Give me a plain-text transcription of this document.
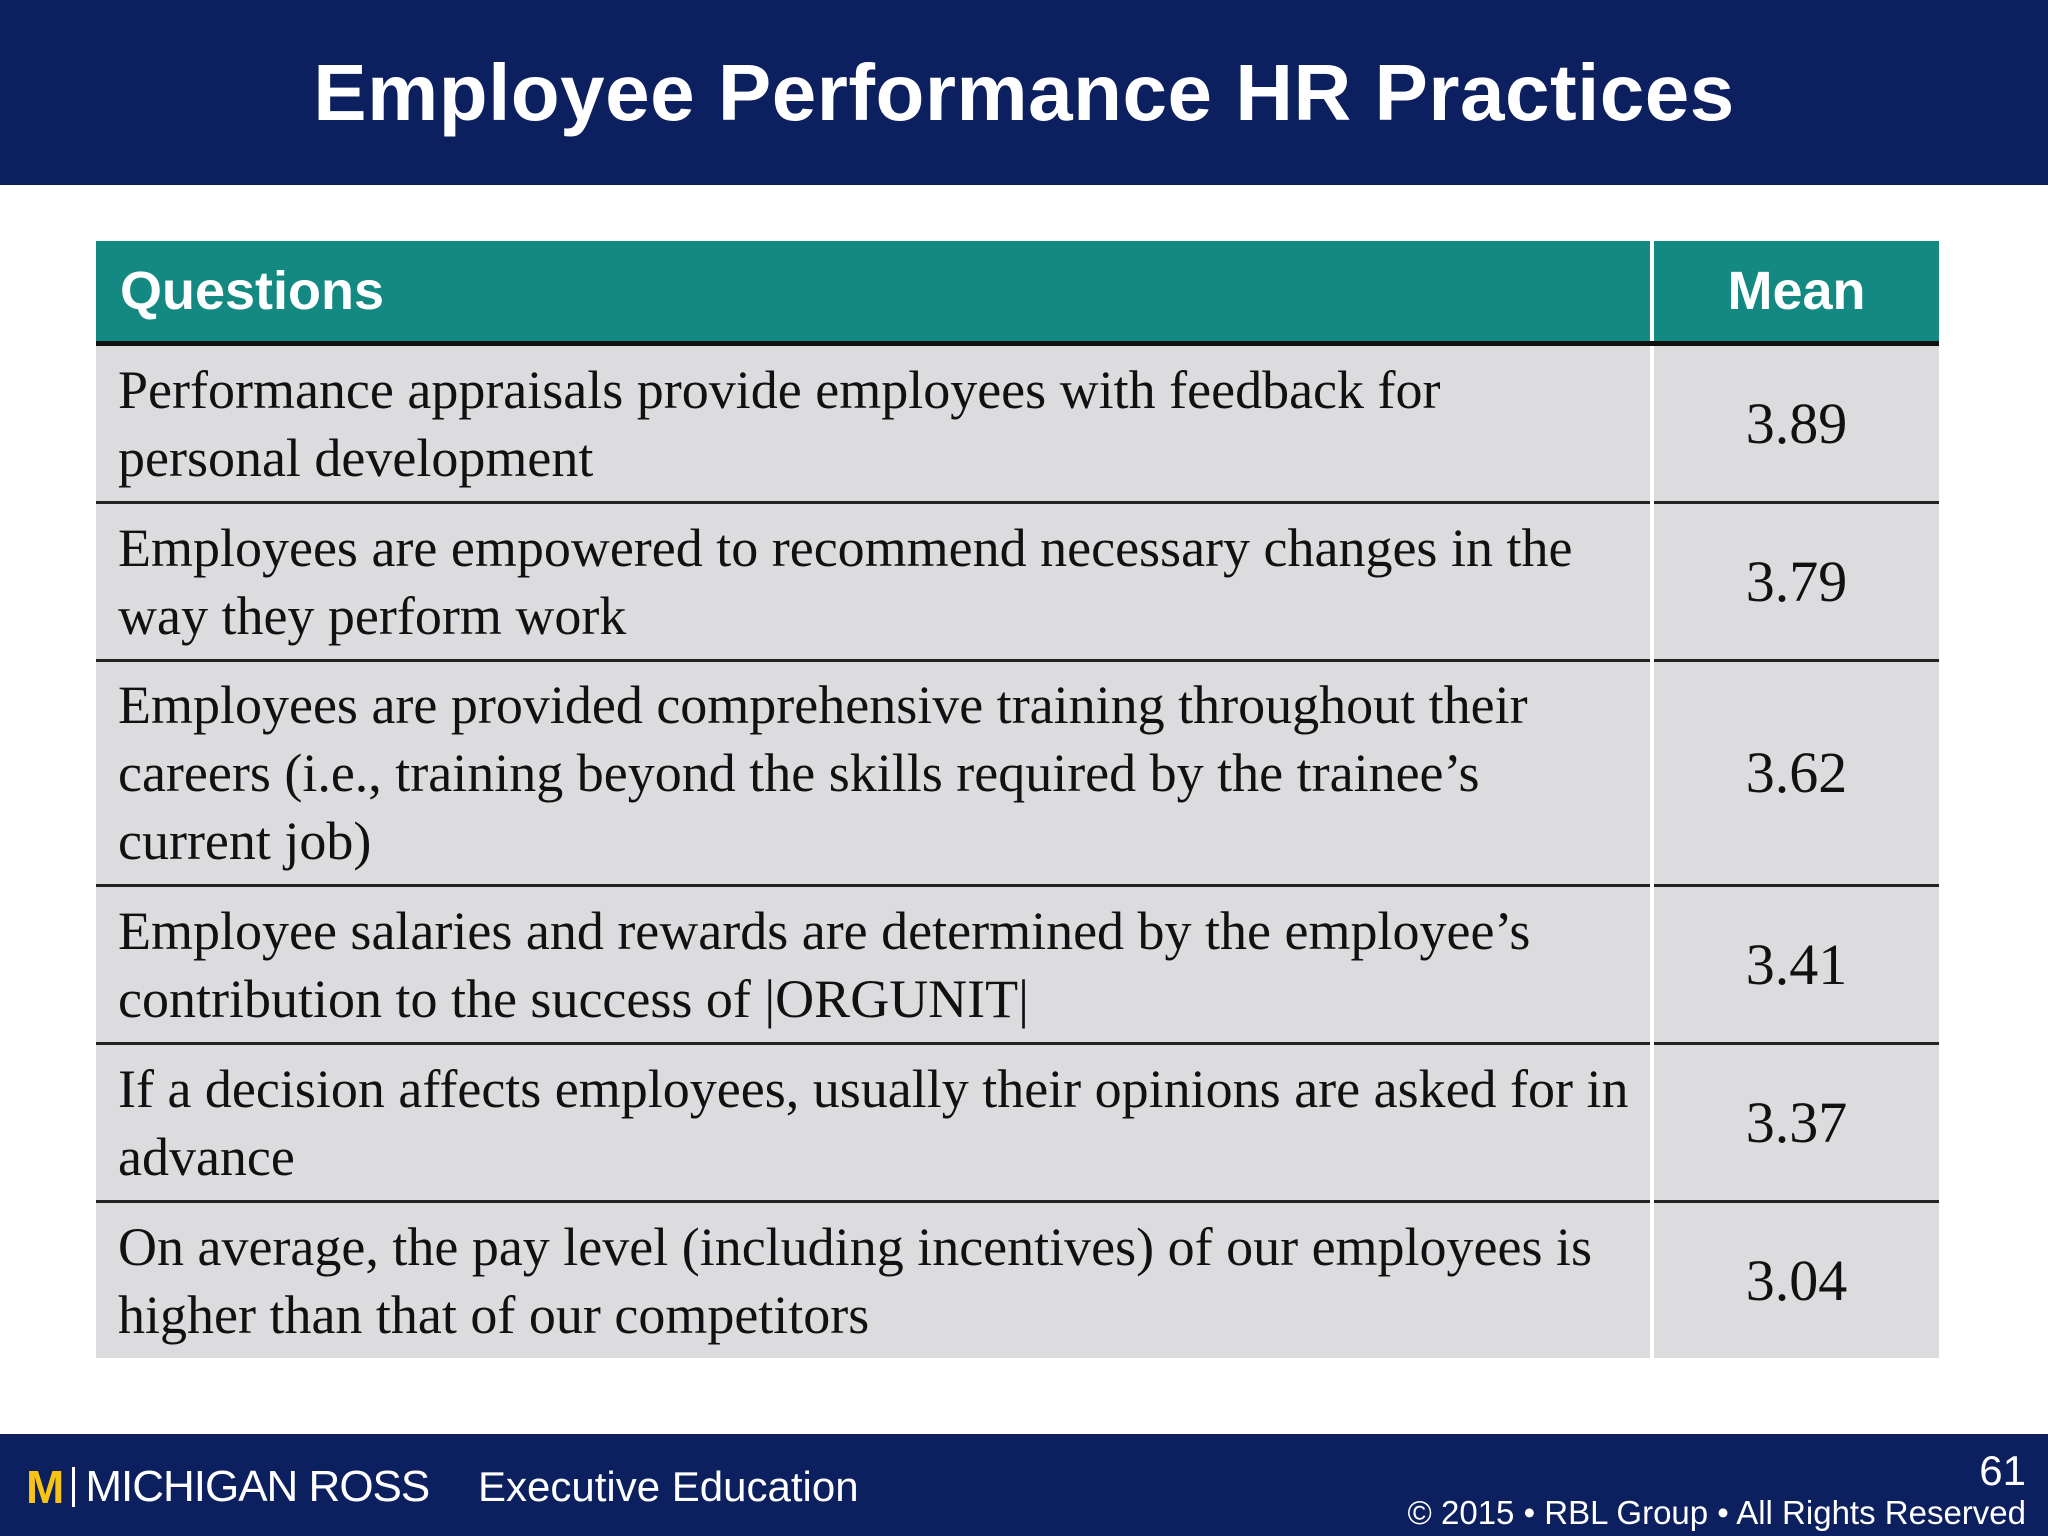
Employee Performance HR Practices
Questions	Mean
Performance appraisals provide employees with feedback for personal development	3.89
Employees are empowered to recommend necessary changes in the way they perform work	3.79
Employees are provided comprehensive training throughout their careers (i.e., training beyond the skills required by the trainee’s current job)	3.62
Employee salaries and rewards are determined by the employee’s contribution to the success of |ORGUNIT|	3.41
If a decision affects employees, usually their opinions are asked for in advance	3.37
On average, the pay level (including incentives) of our employees is higher than that of our competitors	3.04
M MICHIGAN ROSS Executive Education	61
© 2015 • RBL Group • All Rights Reserved
